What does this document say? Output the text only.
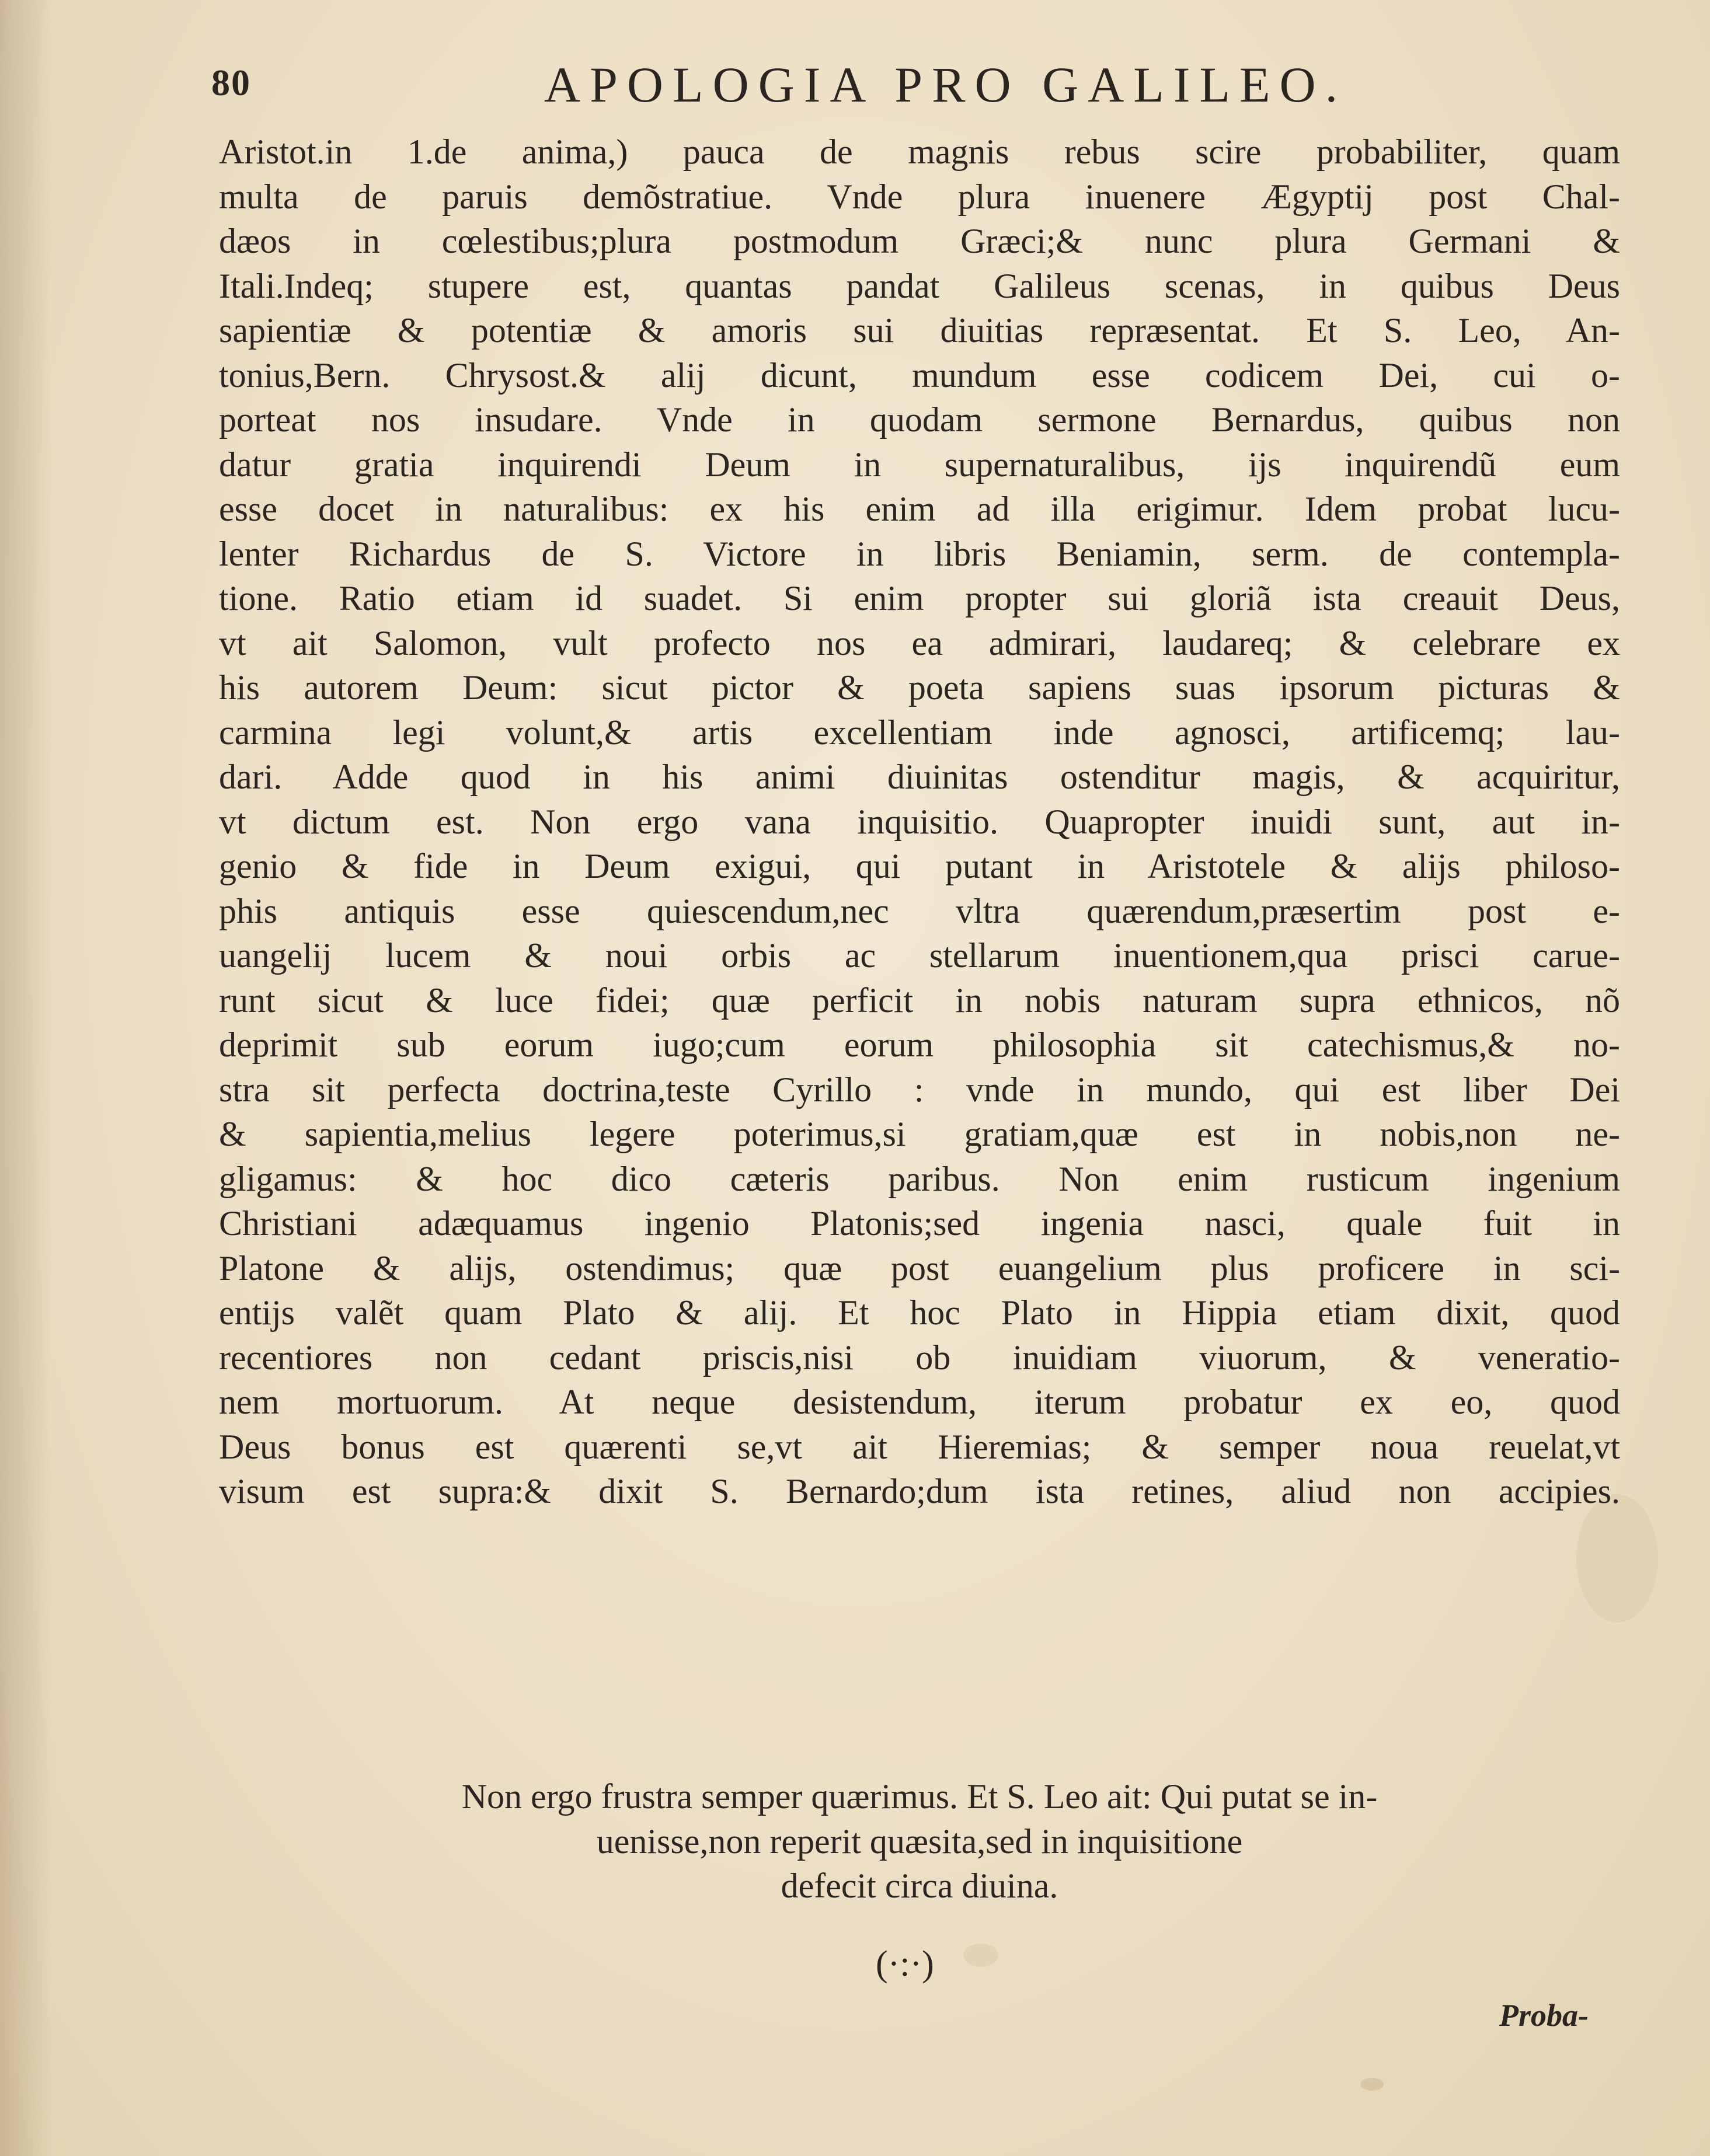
80	APOLOGIA PRO GALILEO.
Aristot.in 1.de anima,) pauca de magnis rebus scire probabiliter, quam
multa de paruis demõstratiue. Vnde plura inuenere Ægyptij post Chal-
dæos in cœlestibus;plura postmodum Græci;& nunc plura Germani &
Itali.Indeq; stupere est, quantas pandat Galileus scenas, in quibus Deus
sapientiæ & potentiæ & amoris sui diuitias repræsentat. Et S. Leo, An-
tonius,Bern. Chrysost.& alij dicunt, mundum esse codicem Dei, cui o-
porteat nos insudare. Vnde in quodam sermone Bernardus, quibus non
datur gratia inquirendi Deum in supernaturalibus, ijs inquirendũ eum
esse docet in naturalibus: ex his enim ad illa erigimur. Idem probat lucu-
lenter Richardus de S. Victore in libris Beniamin, serm. de contempla-
tione. Ratio etiam id suadet. Si enim propter sui gloriã ista creauit Deus,
vt ait Salomon, vult profecto nos ea admirari, laudareq; & celebrare ex
his autorem Deum: sicut pictor & poeta sapiens suas ipsorum picturas &
carmina legi volunt,& artis excellentiam inde agnosci, artificemq; lau-
dari. Adde quod in his animi diuinitas ostenditur magis, & acquiritur,
vt dictum est. Non ergo vana inquisitio. Quapropter inuidi sunt, aut in-
genio & fide in Deum exigui, qui putant in Aristotele & alijs philoso-
phis antiquis esse quiescendum,nec vltra quærendum,præsertim post e-
uangelij lucem & noui orbis ac stellarum inuentionem,qua prisci carue-
runt sicut & luce fidei; quæ perficit in nobis naturam supra ethnicos, nõ
deprimit sub eorum iugo;cum eorum philosophia sit catechismus,& no-
stra sit perfecta doctrina,teste Cyrillo : vnde in mundo, qui est liber Dei
& sapientia,melius legere poterimus,si gratiam,quæ est in nobis,non ne-
gligamus: & hoc dico cæteris paribus. Non enim rusticum ingenium
Christiani adæquamus ingenio Platonis;sed ingenia nasci, quale fuit in
Platone & alijs, ostendimus; quæ post euangelium plus proficere in sci-
entijs valẽt quam Plato & alij. Et hoc Plato in Hippia etiam dixit, quod
recentiores non cedant priscis,nisi ob inuidiam viuorum, & veneratio-
nem mortuorum. At neque desistendum, iterum probatur ex eo, quod
Deus bonus est quærenti se,vt ait Hieremias; & semper noua reuelat,vt
visum est supra:& dixit S. Bernardo;dum ista retines, aliud non accipies.
Non ergo frustra semper quærimus. Et S. Leo ait: Qui putat se in-
uenisse,non reperit quæsita,sed in inquisitione
defecit circa diuina.
(·:·)
Proba-
